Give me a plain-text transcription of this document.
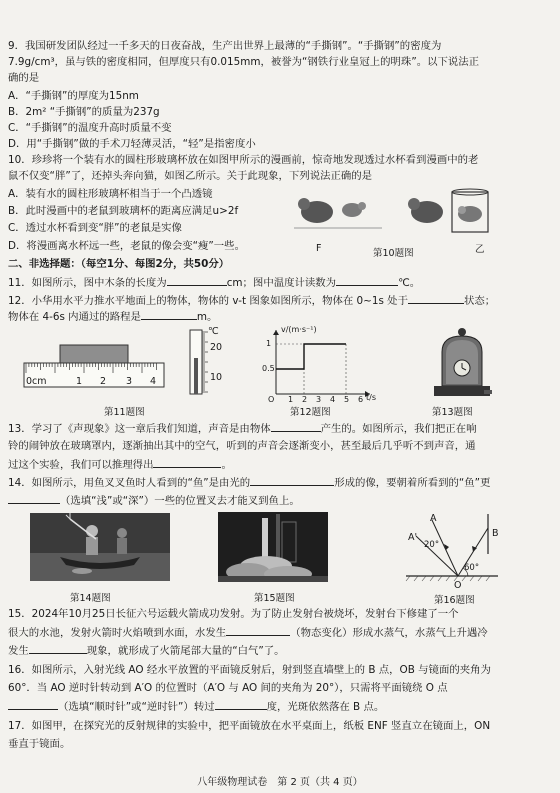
9．我国研发团队经过一千多天的日夜奋战，生产出世界上最薄的“手撕钢”。“手撕钢”的密度为
7.9g/cm³，虽与铁的密度相同，但厚度只有0.015mm，被誉为“钢铁行业皇冠上的明珠”。以下说法正
确的是
A．“手撕钢”的厚度为15nm
B．2m² “手撕钢”的质量为237g
C．“手撕钢”的温度升高时质量不变
D．用“手撕钢”做的手术刀轻薄灵活，“轻”是指密度小
10．珍珍将一个装有水的圆柱形玻璃杯放在如图甲所示的漫画前，惊奇地发现透过水杯看到漫画中的老
鼠不仅变“胖”了，还掉头奔向猫，如图乙所示。关于此现象，下列说法正确的是
A．装有水的圆柱形玻璃杯相当于一个凸透镜
B．此时漫画中的老鼠到玻璃杯的距离应满足u>2f
C．透过水杯看到变“胖”的老鼠是实像
D．将漫画离水杯远一些，老鼠的像会变“瘦”一些。	F	乙
第10题图
二、非选择题：（每空1分、每图2分，共50分）
11．如图所示，图中木条的长度为	cm；图中温度计读数为	℃。
12．小华用水平力推水平地面上的物体，物体的 v-t 图象如图所示，物体在 0~1s 处于	状态；
物体在 4-6s 内通过的路程是	m。
0cm	1 2 3 4
第11题图
℃
20
10
v/(m·s⁻¹)
t/s
1
0.5
O 1 2 3 4 5 6
第12题图	第13题图
13．学习了《声现象》这一章后我们知道，声音是由物体	产生的。如图所示，我们把正在响
铃的闹钟放在玻璃罩内，逐渐抽出其中的空气，听到的声音会逐渐变小，甚至最后几乎听不到声音，通
过这个实验，我们可以推理得出	。
14．如图所示，用鱼叉叉鱼时人看到的“鱼”是由光的	形成的像，要朝着所看到的“鱼”更
（选填“浅”或“深”）一些的位置叉去才能叉到鱼上。
第14题图	第15题图
A
A'	B
20°
60°
O
第16题图
15．2024年10月25日长征六号运载火箭成功发射。为了防止发射台被烧坏，发射台下修建了一个
很大的水池，发射火箭时火焰喷到水面，水发生	（物态变化）形成水蒸气，水蒸气上升遇冷
发生	现象，就形成了火箭尾部大量的“白气”了。
16．如图所示，入射光线 AO 经水平放置的平面镜反射后，射到竖直墙壁上的 B 点，OB 与镜面的夹角为
60°．当 AO 逆时针转动到 A′O 的位置时（A′O 与 AO 间的夹角为 20°），只需将平面镜绕 O 点
（选填“顺时针”或“逆时针”）转过	度，光斑依然落在 B 点。
17．如图甲，在探究光的反射规律的实验中，把平面镜放在水平桌面上，纸板 ENF 竖直立在镜面上，ON
垂直于镜面。
八年级物理试卷　第 2 页（共 4 页）
